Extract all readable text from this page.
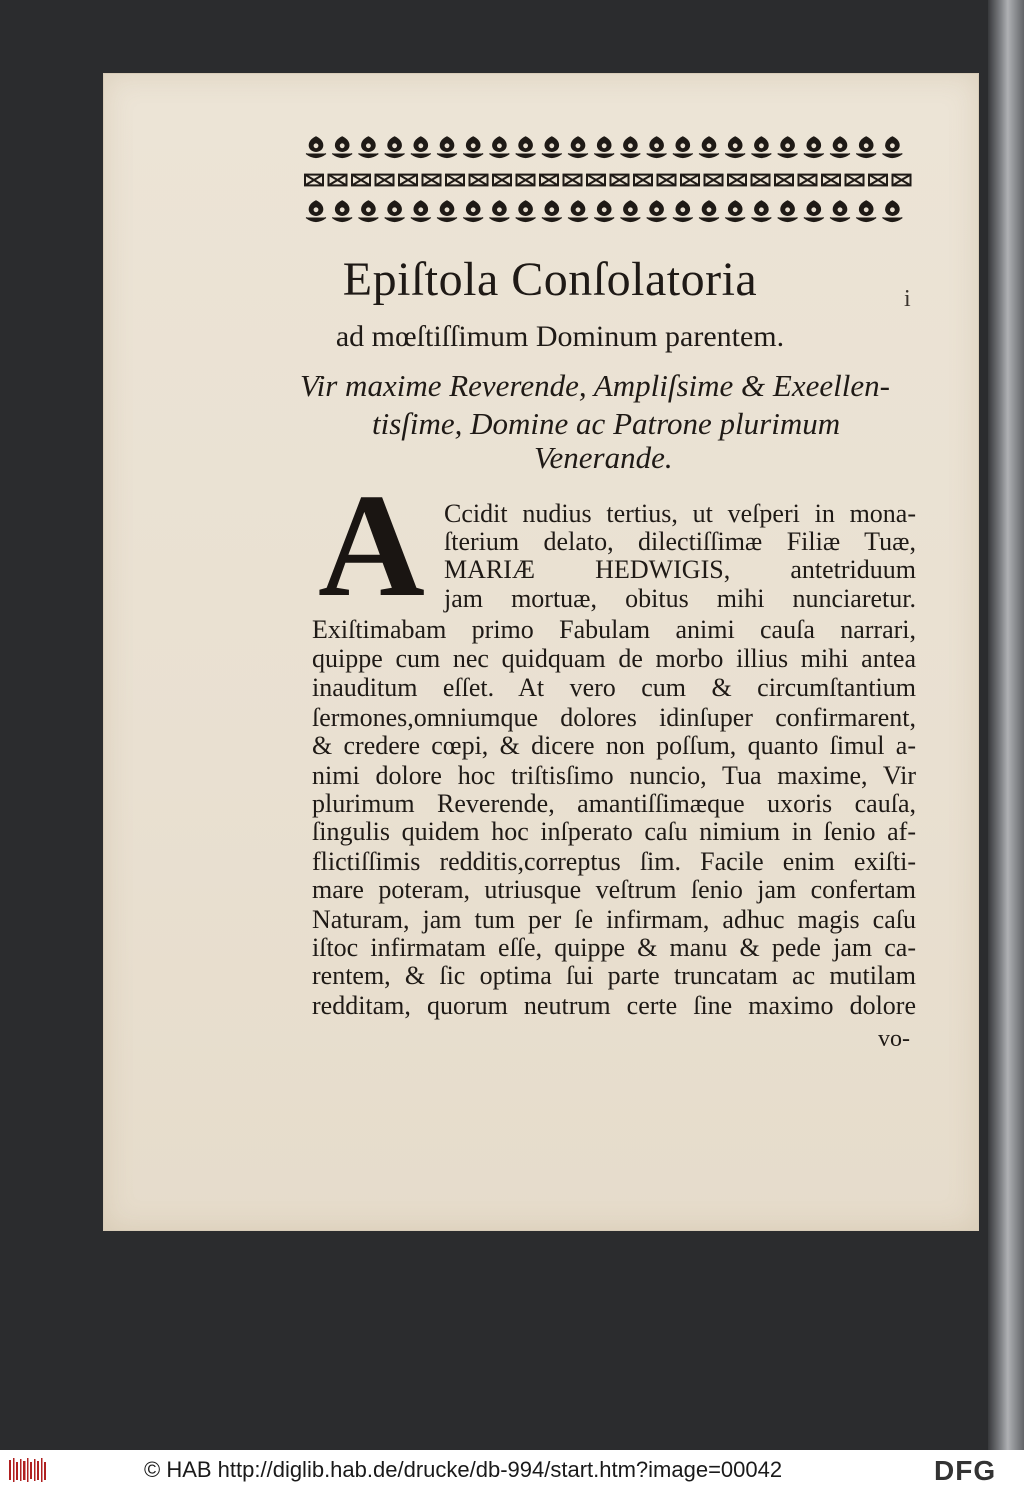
Epiſtola Conſolatoria	i
ad mœſtiſſimum Dominum parentem.
Vir maxime Reverende, Ampliſsime & Exeellen-
tisſime, Domine ac Patrone plurimum
Venerande.
A Ccidit nudius tertius, ut veſperi in mona-
ſterium delato, dilectiſſimæ Filiæ Tuæ,
MARIÆ HEDWIGIS, antetriduum
jam mortuæ, obitus mihi nunciaretur.
Exiſtimabam primo Fabulam animi cauſa narrari,
quippe cum nec quidquam de morbo illius mihi antea
inauditum eſſet. At vero cum & circumſtantium
ſermones,omniumque dolores idinſuper confirmarent,
& credere cœpi, & dicere non poſſum, quanto ſimul a-
nimi dolore hoc triſtisſimo nuncio, Tua maxime, Vir
plurimum Reverende, amantiſſimæque uxoris cauſa,
ſingulis quidem hoc inſperato caſu nimium in ſenio af-
flictiſſimis redditis,correptus ſim. Facile enim exiſti-
mare poteram, utriusque veſtrum ſenio jam confertam
Naturam, jam tum per ſe infirmam, adhuc magis caſu
iſtoc infirmatam eſſe, quippe & manu & pede jam ca-
rentem, & ſic optima ſui parte truncatam ac mutilam
redditam, quorum neutrum certe ſine maximo dolore
vo-
© HAB http://diglib.hab.de/drucke/db-994/start.htm?image=00042	DFG
